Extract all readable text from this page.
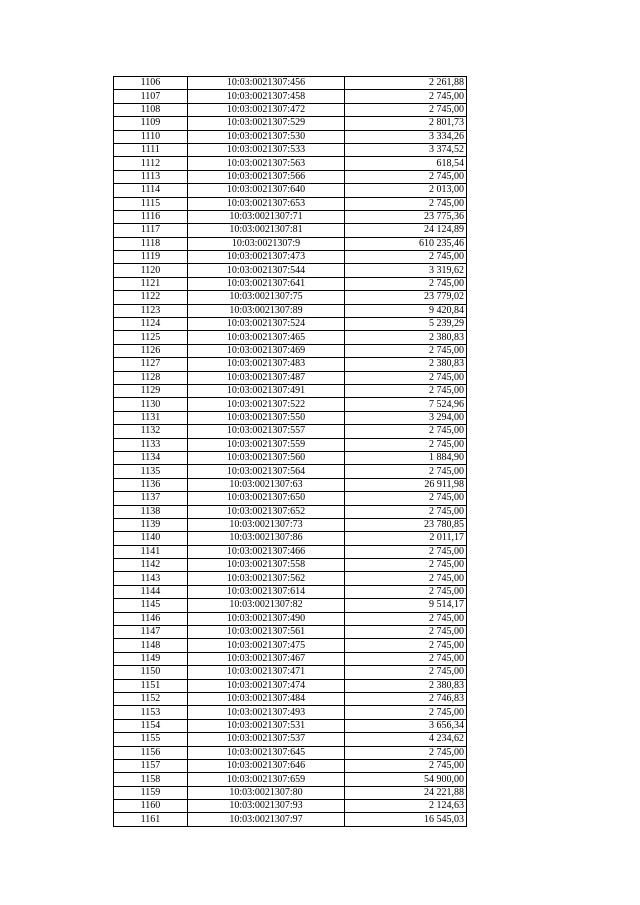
1106	10:03:0021307:456	2 261,88
1107	10:03:0021307:458	2 745,00
1108	10:03:0021307:472	2 745,00
1109	10:03:0021307:529	2 801,73
1110	10:03:0021307:530	3 334,26
1111	10:03:0021307:533	3 374,52
1112	10:03:0021307:563	618,54
1113	10:03:0021307:566	2 745,00
1114	10:03:0021307:640	2 013,00
1115	10:03:0021307:653	2 745,00
1116	10:03:0021307:71	23 775,36
1117	10:03:0021307:81	24 124,89
1118	10:03:0021307:9	610 235,46
1119	10:03:0021307:473	2 745,00
1120	10:03:0021307:544	3 319,62
1121	10:03:0021307:641	2 745,00
1122	10:03:0021307:75	23 779,02
1123	10:03:0021307:89	9 420,84
1124	10:03:0021307:524	5 239,29
1125	10:03:0021307:465	2 380,83
1126	10:03:0021307:469	2 745,00
1127	10:03:0021307:483	2 380,83
1128	10:03:0021307:487	2 745,00
1129	10:03:0021307:491	2 745,00
1130	10:03:0021307:522	7 524,96
1131	10:03:0021307:550	3 294,00
1132	10:03:0021307:557	2 745,00
1133	10:03:0021307:559	2 745,00
1134	10:03:0021307:560	1 884,90
1135	10:03:0021307:564	2 745,00
1136	10:03:0021307:63	26 911,98
1137	10:03:0021307:650	2 745,00
1138	10:03:0021307:652	2 745,00
1139	10:03:0021307:73	23 780,85
1140	10:03:0021307:86	2 011,17
1141	10:03:0021307:466	2 745,00
1142	10:03:0021307:558	2 745,00
1143	10:03:0021307:562	2 745,00
1144	10:03:0021307:614	2 745,00
1145	10:03:0021307:82	9 514,17
1146	10:03:0021307:490	2 745,00
1147	10:03:0021307:561	2 745,00
1148	10:03:0021307:475	2 745,00
1149	10:03:0021307:467	2 745,00
1150	10:03:0021307:471	2 745,00
1151	10:03:0021307:474	2 380,83
1152	10:03:0021307:484	2 746,83
1153	10:03:0021307:493	2 745,00
1154	10:03:0021307:531	3 656,34
1155	10:03:0021307:537	4 234,62
1156	10:03:0021307:645	2 745,00
1157	10:03:0021307:646	2 745,00
1158	10:03:0021307:659	54 900,00
1159	10:03:0021307:80	24 221,88
1160	10:03:0021307:93	2 124,63
1161	10:03:0021307:97	16 545,03
